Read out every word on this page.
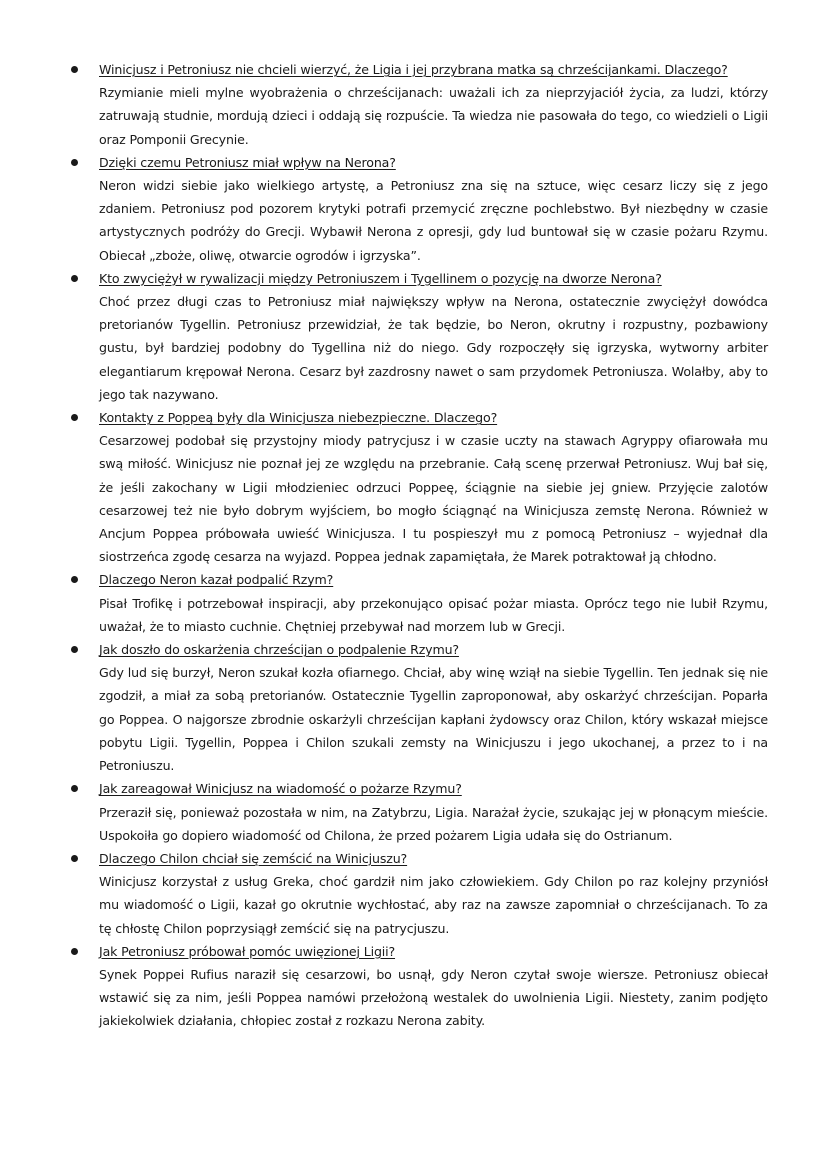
Winicjusz i Petroniusz nie chcieli wierzyć, że Ligia i jej przybrana matka są chrześcijankami. Dlaczego?
Rzymianie mieli mylne wyobrażenia o chrześcijanach: uważali ich za nieprzyjaciół życia, za ludzi, którzy zatruwają studnie, mordują dzieci i oddają się rozpuście. Ta wiedza nie pasowała do tego, co wiedzieli o Ligii oraz Pomponii Grecynie.
Dzięki czemu Petroniusz miał wpływ na Nerona?
Neron widzi siebie jako wielkiego artystę, a Petroniusz zna się na sztuce, więc cesarz liczy się z jego zdaniem. Petroniusz pod pozorem krytyki potrafi przemycić zręczne pochlebstwo. Był niezbędny w czasie artystycznych podróży do Grecji. Wybawił Nerona z opresji, gdy lud buntował się w czasie pożaru Rzymu. Obiecał „zboże, oliwę, otwarcie ogrodów i igrzyska”.
Kto zwyciężył w rywalizacji między Petroniuszem i Tygellinem o pozycję na dworze Nerona?
Choć przez długi czas to Petroniusz miał największy wpływ na Nerona, ostatecznie zwyciężył dowódca pretorianów Tygellin. Petroniusz przewidział, że tak będzie, bo Neron, okrutny i rozpustny, pozbawiony gustu, był bardziej podobny do Tygellina niż do niego. Gdy rozpoczęły się igrzyska, wytworny arbiter elegantiarum krępował Nerona. Cesarz był zazdrosny nawet o sam przydomek Petroniusza. Wolałby, aby to jego tak nazywano.
Kontakty z Poppeą były dla Winicjusza niebezpieczne. Dlaczego?
Cesarzowej podobał się przystojny miody patrycjusz i w czasie uczty na stawach Agryppy ofiarowała mu swą miłość. Winicjusz nie poznał jej ze względu na przebranie. Całą scenę przerwał Petroniusz. Wuj bał się, że jeśli zakochany w Ligii młodzieniec odrzuci Poppeę, ściągnie na siebie jej gniew. Przyjęcie zalotów cesarzowej też nie było dobrym wyjściem, bo mogło ściągnąć na Winicjusza zemstę Nerona. Również w Ancjum Poppea próbowała uwieść Winicjusza. I tu pospieszył mu z pomocą Petroniusz – wyjednał dla siostrzeńca zgodę cesarza na wyjazd. Poppea jednak zapamiętała, że Marek potraktował ją chłodno.
Dlaczego Neron kazał podpalić Rzym?
Pisał Trofikę i potrzebował inspiracji, aby przekonująco opisać pożar miasta. Oprócz tego nie lubił Rzymu, uważał, że to miasto cuchnie. Chętniej przebywał nad morzem lub w Grecji.
Jak doszło do oskarżenia chrześcijan o podpalenie Rzymu?
Gdy lud się burzył, Neron szukał kozła ofiarnego. Chciał, aby winę wziął na siebie Tygellin. Ten jednak się nie zgodził, a miał za sobą pretorianów. Ostatecznie Tygellin zaproponował, aby oskarżyć chrześcijan. Poparła go Poppea. O najgorsze zbrodnie oskarżyli chrześcijan kapłani żydowscy oraz Chilon, który wskazał miejsce pobytu Ligii. Tygellin, Poppea i Chilon szukali zemsty na Winicjuszu i jego ukochanej, a przez to i na Petroniuszu.
Jak zareagował Winicjusz na wiadomość o pożarze Rzymu?
Przeraził się, ponieważ pozostała w nim, na Zatybrzu, Ligia. Narażał życie, szukając jej w płonącym mieście. Uspokoiła go dopiero wiadomość od Chilona, że przed pożarem Ligia udała się do Ostrianum.
Dlaczego Chilon chciał się zemścić na Winicjuszu?
Winicjusz korzystał z usług Greka, choć gardził nim jako człowiekiem. Gdy Chilon po raz kolejny przyniósł mu wiadomość o Ligii, kazał go okrutnie wychłostać, aby raz na zawsze zapomniał o chrześcijanach. To za tę chłostę Chilon poprzysiągł zemścić się na patrycjuszu.
Jak Petroniusz próbował pomóc uwięzionej Ligii?
Synek Poppei Rufius naraził się cesarzowi, bo usnął, gdy Neron czytał swoje wiersze. Petroniusz obiecał wstawić się za nim, jeśli Poppea namówi przełożoną westalek do uwolnienia Ligii. Niestety, zanim podjęto jakiekolwiek działania, chłopiec został z rozkazu Nerona zabity.
